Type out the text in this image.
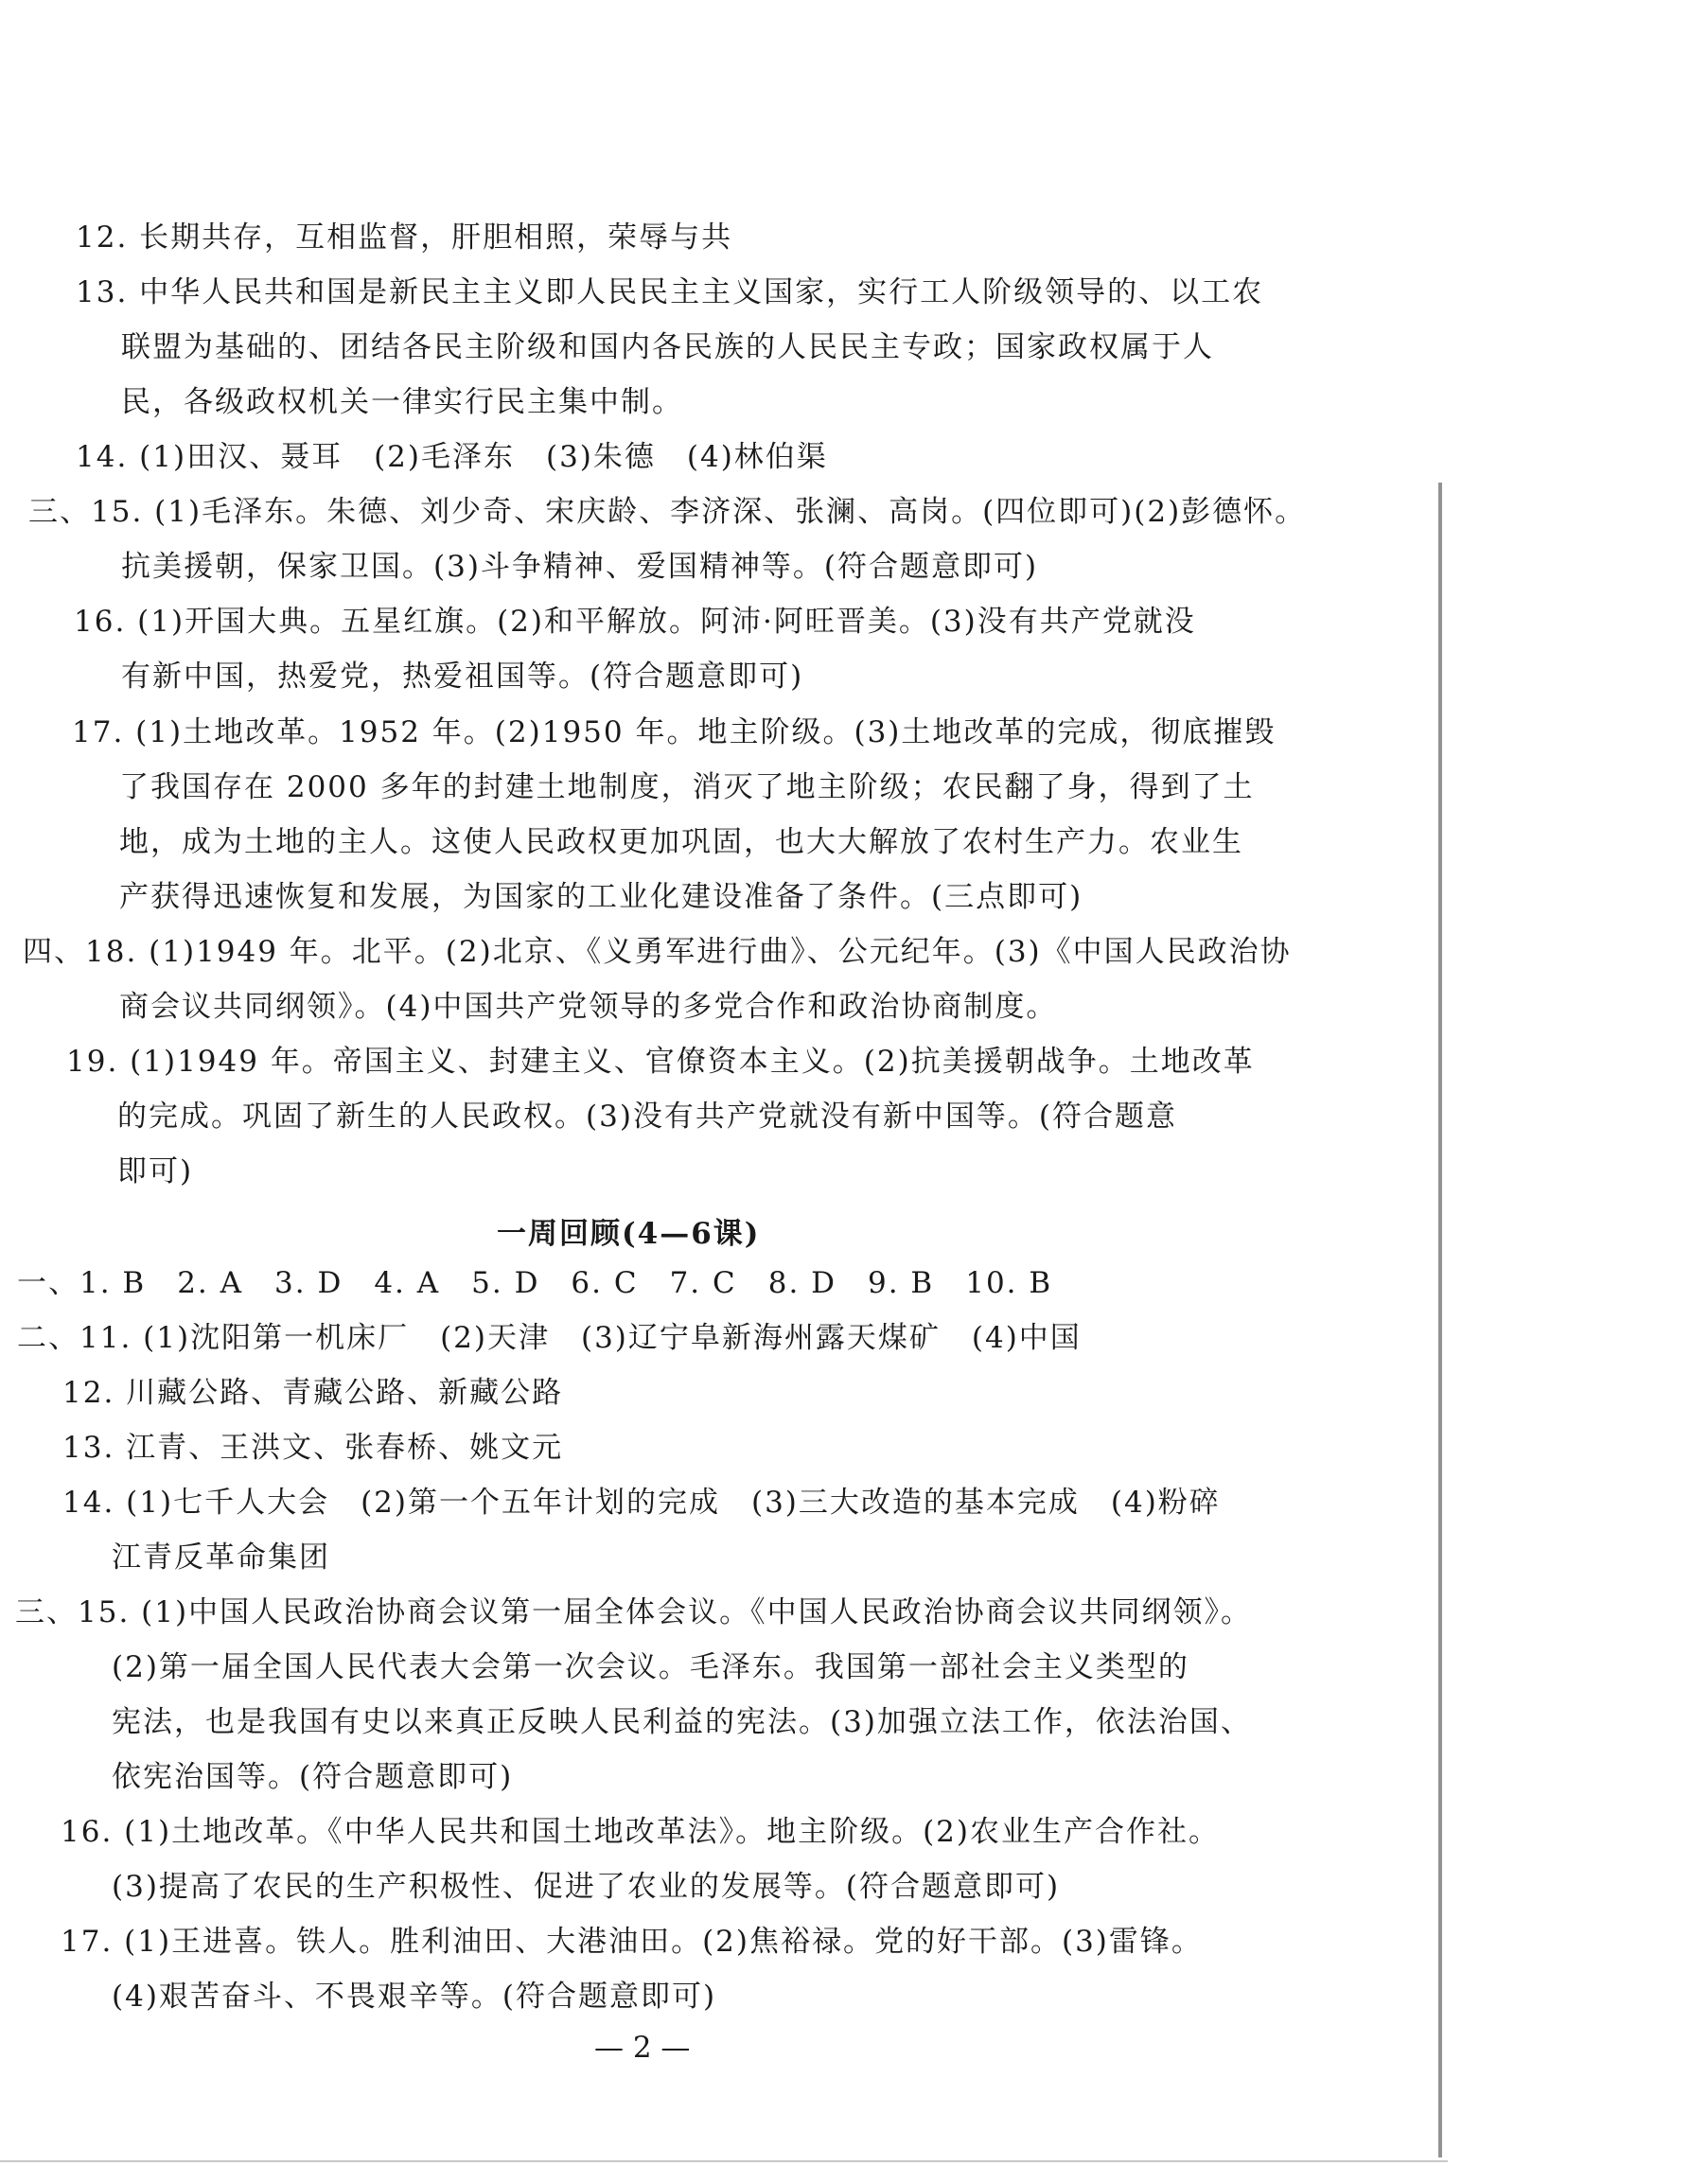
12. 长期共存，互相监督，肝胆相照，荣辱与共
13. 中华人民共和国是新民主主义即人民民主主义国家，实行工人阶级领导的、以工农
联盟为基础的、团结各民主阶级和国内各民族的人民民主专政；国家政权属于人
民，各级政权机关一律实行民主集中制。
14. (1)田汉、聂耳　(2)毛泽东　(3)朱德　(4)林伯渠
三、15. (1)毛泽东。朱德、刘少奇、宋庆龄、李济深、张澜、高岗。(四位即可)(2)彭德怀。
抗美援朝，保家卫国。(3)斗争精神、爱国精神等。(符合题意即可)
16. (1)开国大典。五星红旗。(2)和平解放。阿沛·阿旺晋美。(3)没有共产党就没
有新中国，热爱党，热爱祖国等。(符合题意即可)
17. (1)土地改革。1952 年。(2)1950 年。地主阶级。(3)土地改革的完成，彻底摧毁
了我国存在 2000 多年的封建土地制度，消灭了地主阶级；农民翻了身，得到了土
地，成为土地的主人。这使人民政权更加巩固，也大大解放了农村生产力。农业生
产获得迅速恢复和发展，为国家的工业化建设准备了条件。(三点即可)
四、18. (1)1949 年。北平。(2)北京、《义勇军进行曲》、公元纪年。(3)《中国人民政治协
商会议共同纲领》。(4)中国共产党领导的多党合作和政治协商制度。
19. (1)1949 年。帝国主义、封建主义、官僚资本主义。(2)抗美援朝战争。土地改革
的完成。巩固了新生的人民政权。(3)没有共产党就没有新中国等。(符合题意
即可)
一周回顾(4—6课)
一、1. B　2. A　3. D　4. A　5. D　6. C　7. C　8. D　9. B　10. B
二、11. (1)沈阳第一机床厂　(2)天津　(3)辽宁阜新海州露天煤矿　(4)中国
12. 川藏公路、青藏公路、新藏公路
13. 江青、王洪文、张春桥、姚文元
14. (1)七千人大会　(2)第一个五年计划的完成　(3)三大改造的基本完成　(4)粉碎
江青反革命集团
三、15. (1)中国人民政治协商会议第一届全体会议。《中国人民政治协商会议共同纲领》。
(2)第一届全国人民代表大会第一次会议。毛泽东。我国第一部社会主义类型的
宪法，也是我国有史以来真正反映人民利益的宪法。(3)加强立法工作，依法治国、
依宪治国等。(符合题意即可)
16. (1)土地改革。《中华人民共和国土地改革法》。地主阶级。(2)农业生产合作社。
(3)提高了农民的生产积极性、促进了农业的发展等。(符合题意即可)
17. (1)王进喜。铁人。胜利油田、大港油田。(2)焦裕禄。党的好干部。(3)雷锋。
(4)艰苦奋斗、不畏艰辛等。(符合题意即可)
— 2 —
